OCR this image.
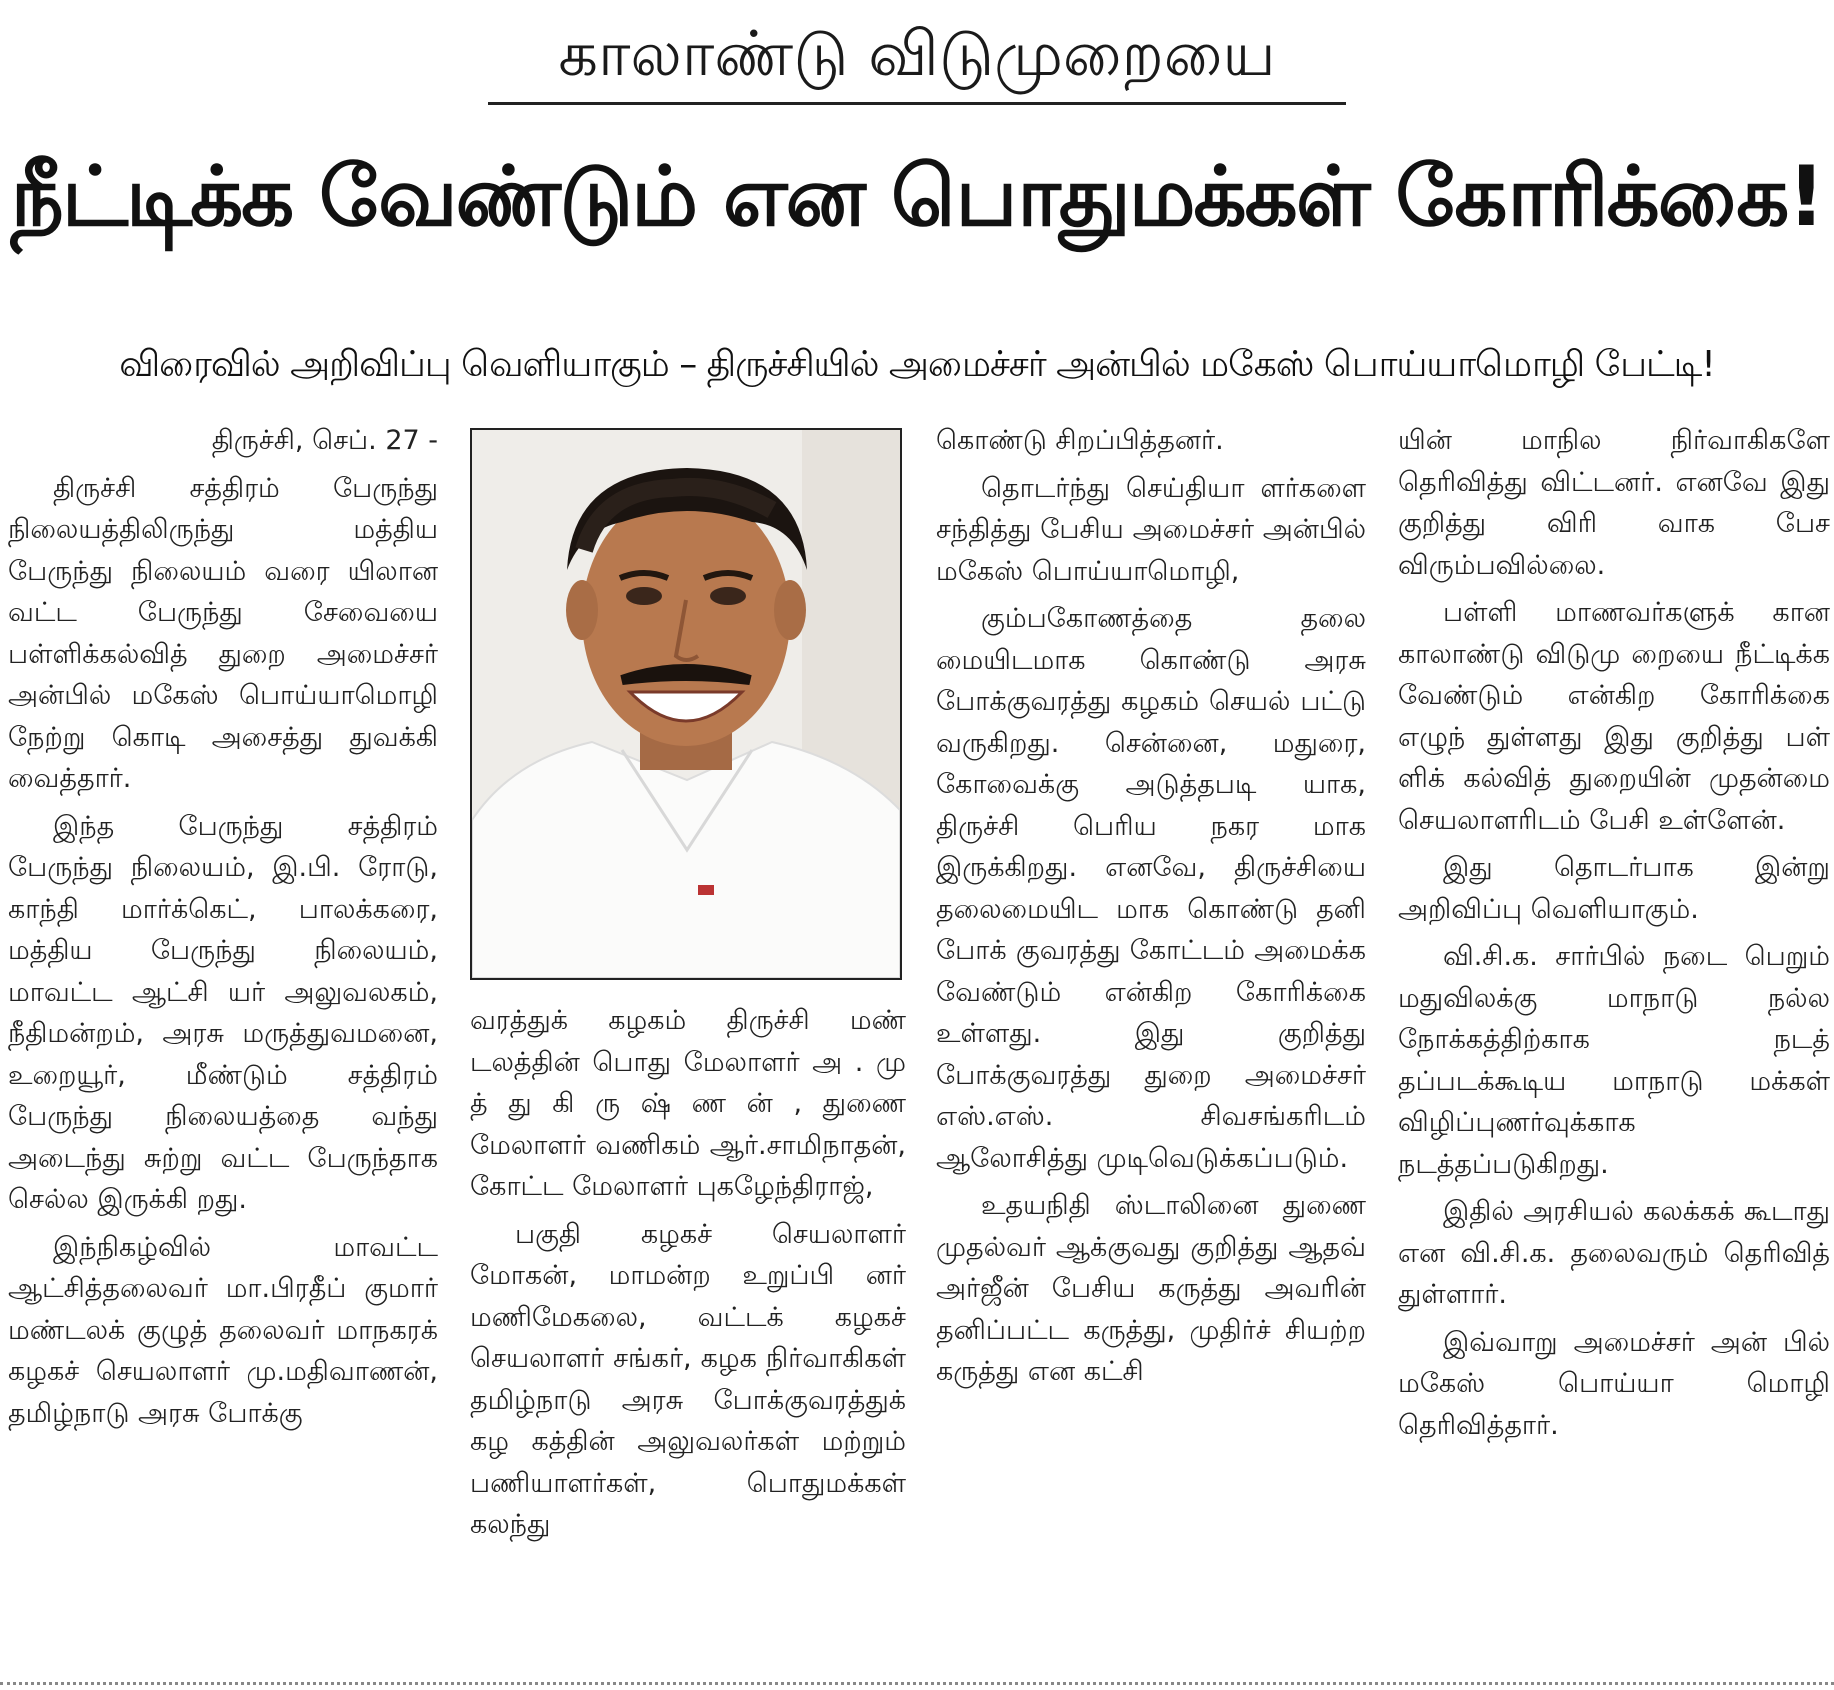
காலாண்டு விடுமுறையை
நீட்டிக்க வேண்டும் என பொதுமக்கள் கோரிக்கை!
விரைவில் அறிவிப்பு வெளியாகும் – திருச்சியில் அமைச்சர் அன்பில் மகேஸ் பொய்யாமொழி பேட்டி!

திருச்சி, செப். 27 -

திருச்சி சத்திரம் பேருந்து நிலையத்திலிருந்து மத்திய பேருந்து நிலையம் வரை யிலான வட்ட பேருந்து சேவையை பள்ளிக்கல்வித் துறை அமைச்சர் அன்பில் மகேஸ் பொய்யாமொழி நேற்று கொடி அசைத்து துவக்கி வைத்தார்.

இந்த பேருந்து சத்திரம் பேருந்து நிலையம், இ.பி. ரோடு, காந்தி மார்க்கெட், பாலக்கரை, மத்திய பேருந்து நிலையம், மாவட்ட ஆட்சி யர் அலுவலகம், நீதிமன்றம், அரசு மருத்துவமனை, உறையூர், மீண்டும் சத்திரம் பேருந்து நிலையத்தை வந்து அடைந்து சுற்று வட்ட பேருந்தாக செல்ல இருக்கி றது.

இந்நிகழ்வில் மாவட்ட ஆட்சித்தலைவர் மா.பிரதீப் குமார் மண்டலக் குழுத் தலைவர் மாநகரக் கழகச் செயலாளர் மு.மதிவாணன், தமிழ்நாடு அரசு போக்கு

வரத்துக் கழகம் திருச்சி மண் டலத்தின் பொது மேலாளர் அ . மு த் து கி ரு ஷ் ண ன் , துணை மேலாளர் வணிகம் ஆர்.சாமிநாதன், கோட்ட மேலாளர் புகழேந்திராஜ்,

பகுதி கழகச் செயலாளர் மோகன், மாமன்ற உறுப்பி னர் மணிமேகலை, வட்டக் கழகச் செயலாளர் சங்கர், கழக நிர்வாகிகள் தமிழ்நாடு அரசு போக்குவரத்துக் கழ கத்தின் அலுவலர்கள் மற்றும் பணியாளர்கள், பொதுமக்கள் கலந்து

கொண்டு சிறப்பித்தனர்.

தொடர்ந்து செய்தியா ளர்களை சந்தித்து பேசிய அமைச்சர் அன்பில் மகேஸ் பொய்யாமொழி,

கும்பகோணத்தை தலை மையிடமாக கொண்டு அரசு போக்குவரத்து கழகம் செயல் பட்டு வருகிறது. சென்னை, மதுரை, கோவைக்கு அடுத்தபடி யாக, திருச்சி பெரிய நகர மாக இருக்கிறது. எனவே, திருச்சியை தலைமையிட மாக கொண்டு தனி போக் குவரத்து கோட்டம் அமைக்க வேண்டும் என்கிற கோரிக்கை உள்ளது. இது குறித்து போக்குவரத்து துறை அமைச்சர் எஸ்.எஸ். சிவசங்கரிடம் ஆலோசித்து முடிவெடுக்கப்படும்.

உதயநிதி ஸ்டாலினை துணை முதல்வர் ஆக்குவது குறித்து ஆதவ் அர்ஜீன் பேசிய கருத்து அவரின் தனிப்பட்ட கருத்து, முதிர்ச் சியற்ற கருத்து என கட்சி

யின் மாநில நிர்வாகிகளே தெரிவித்து விட்டனர். எனவே இது குறித்து விரி வாக பேச விரும்பவில்லை.

பள்ளி மாணவர்களுக் கான காலாண்டு விடுமு றையை நீட்டிக்க வேண்டும் என்கிற கோரிக்கை எழுந் துள்ளது இது குறித்து பள் ளிக் கல்வித் துறையின் முதன்மை செயலாளரிடம் பேசி உள்ளேன்.

இது தொடர்பாக இன்று அறிவிப்பு வெளியாகும்.

வி.சி.க. சார்பில் நடை பெறும் மதுவிலக்கு மாநாடு நல்ல நோக்கத்திற்காக நடத் தப்படக்கூடிய மாநாடு மக்கள் விழிப்புணர்வுக்காக நடத்தப்படுகிறது.

இதில் அரசியல் கலக்கக் கூடாது என வி.சி.க. தலைவரும் தெரிவித் துள்ளார்.

இவ்வாறு அமைச்சர் அன் பில் மகேஸ் பொய்யா மொழி தெரிவித்தார்.
